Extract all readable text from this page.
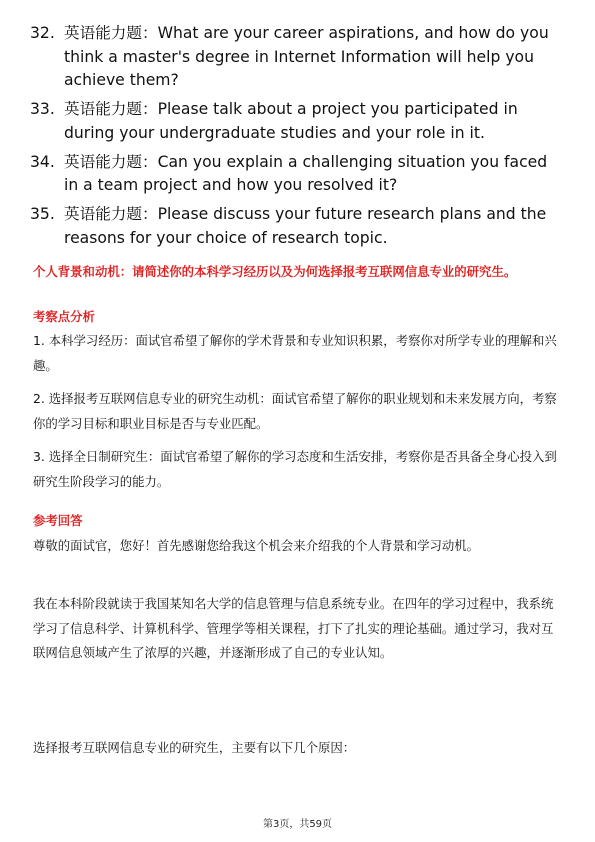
32. 英语能力题：What are your career aspirations, and how do you think a master's degree in Internet Information will help you achieve them?
33. 英语能力题：Please talk about a project you participated in during your undergraduate studies and your role in it.
34. 英语能力题：Can you explain a challenging situation you faced in a team project and how you resolved it?
35. 英语能力题：Please discuss your future research plans and the reasons for your choice of research topic.
个人背景和动机：请简述你的本科学习经历以及为何选择报考互联网信息专业的研究生。
考察点分析
1. 本科学习经历：面试官希望了解你的学术背景和专业知识积累，考察你对所学专业的理解和兴趣。
2. 选择报考互联网信息专业的研究生动机：面试官希望了解你的职业规划和未来发展方向，考察你的学习目标和职业目标是否与专业匹配。
3. 选择全日制研究生：面试官希望了解你的学习态度和生活安排，考察你是否具备全身心投入到研究生阶段学习的能力。
参考回答
尊敬的面试官，您好！首先感谢您给我这个机会来介绍我的个人背景和学习动机。
我在本科阶段就读于我国某知名大学的信息管理与信息系统专业。在四年的学习过程中，我系统学习了信息科学、计算机科学、管理学等相关课程，打下了扎实的理论基础。通过学习，我对互联网信息领域产生了浓厚的兴趣，并逐渐形成了自己的专业认知。
选择报考互联网信息专业的研究生，主要有以下几个原因：
第3页，共59页
